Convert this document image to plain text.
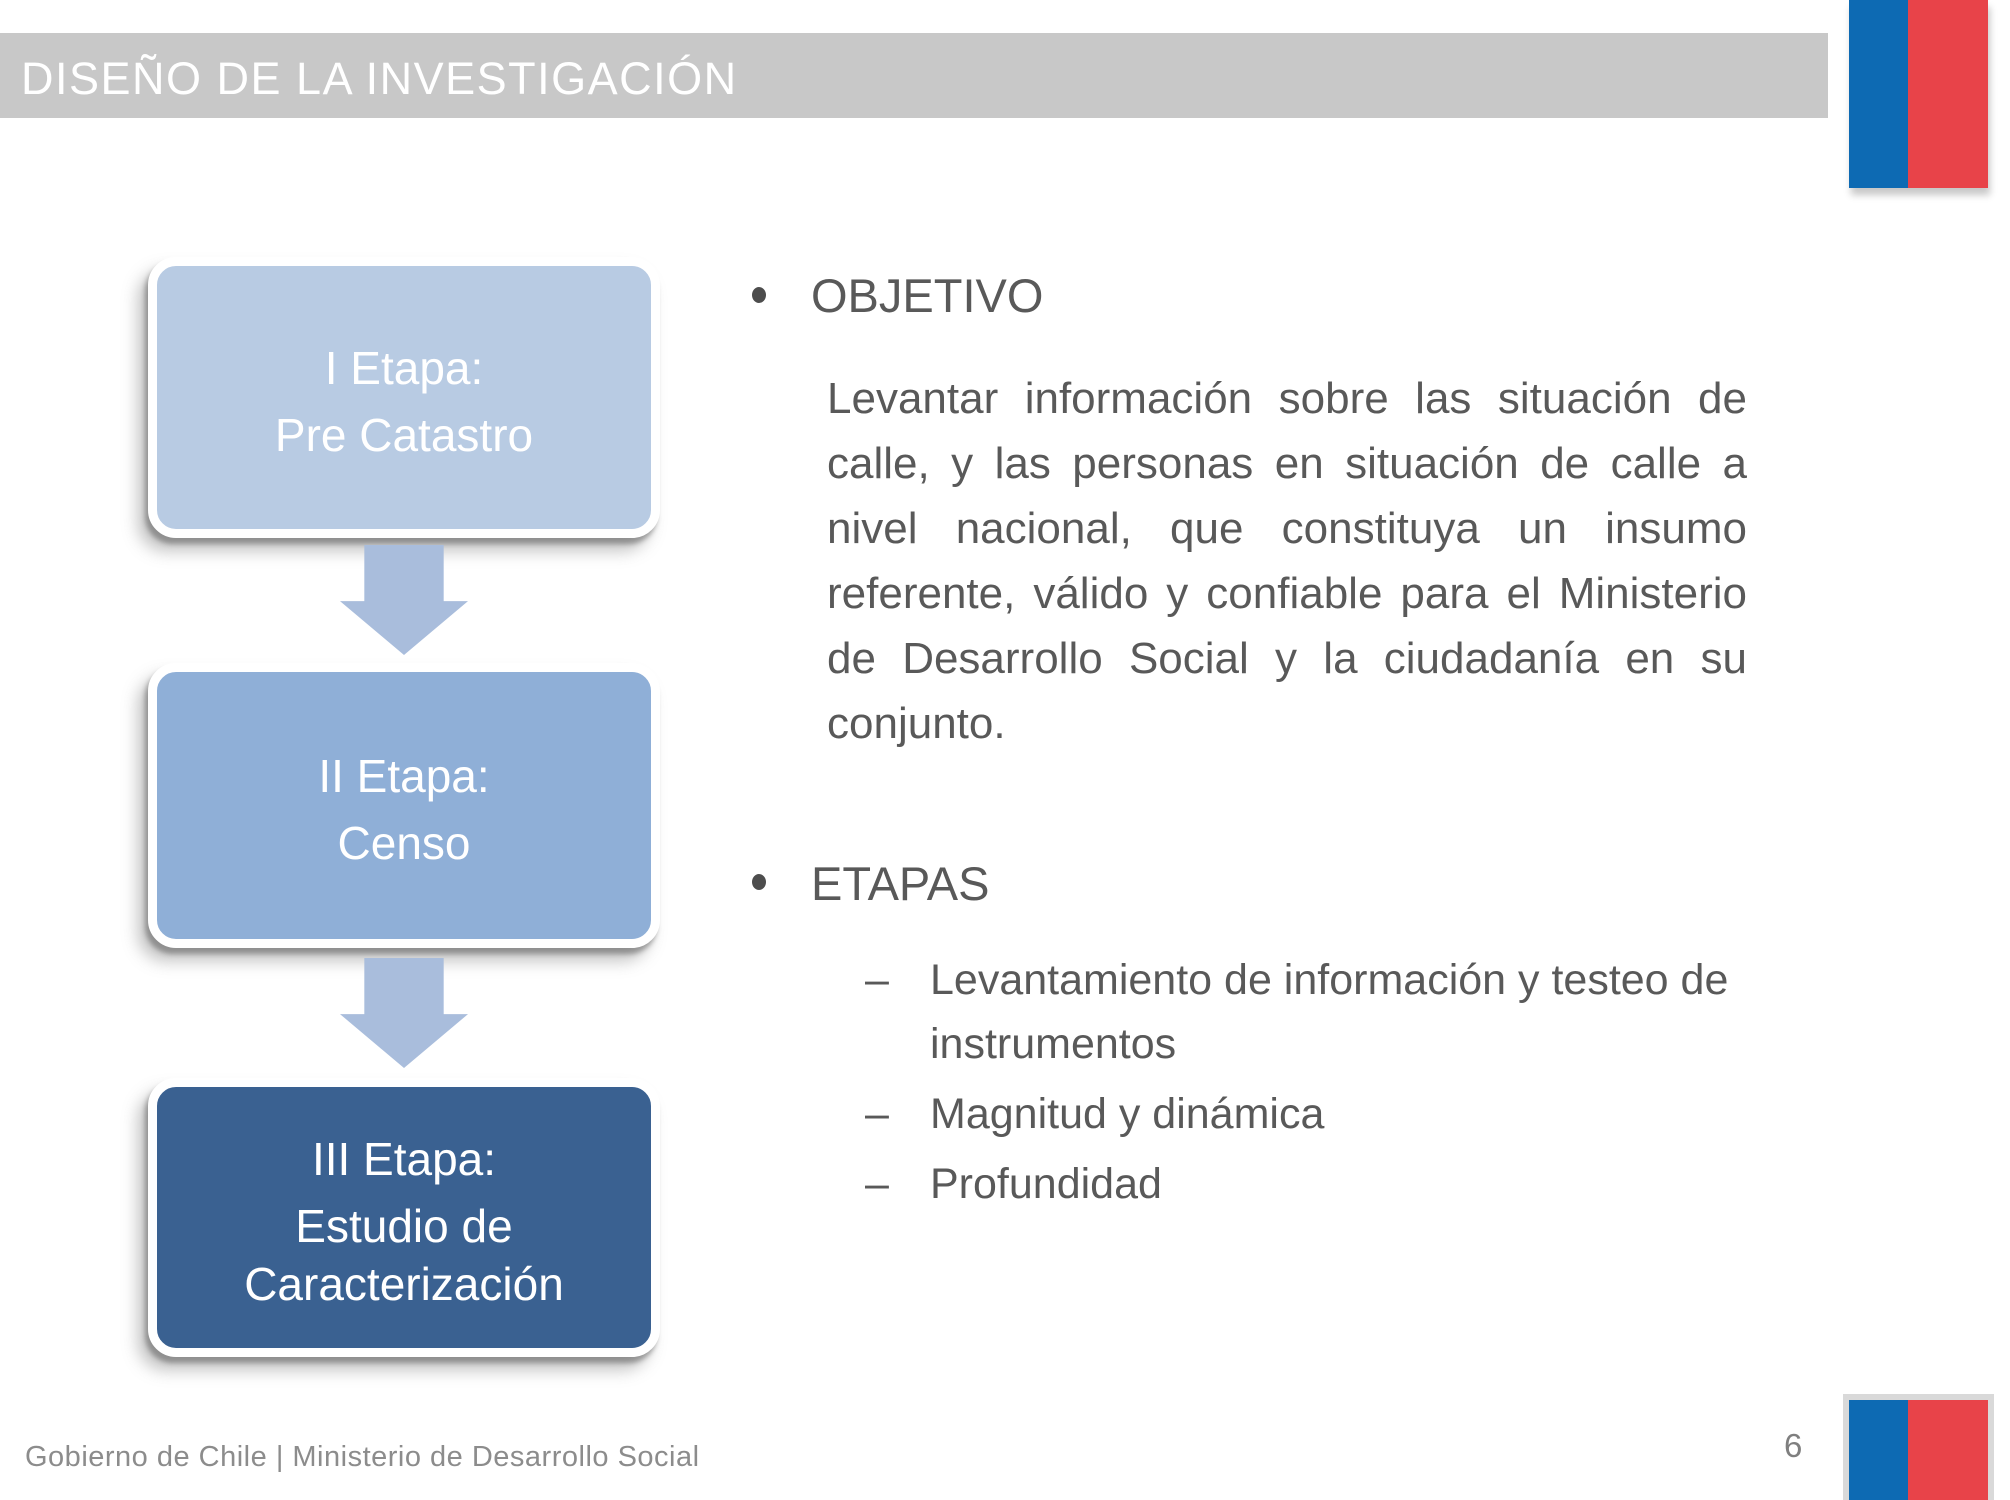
DISEÑO DE LA INVESTIGACIÓN
I Etapa:
Pre Catastro
II Etapa:
Censo
III Etapa:
Estudio de Caracterización
OBJETIVO
Levantar información sobre las situación de calle, y las personas en situación de calle a nivel nacional, que constituya un insumo referente, válido y confiable para el Ministerio de Desarrollo Social y la ciudadanía en su conjunto.
ETAPAS
– Levantamiento de información y testeo de instrumentos
– Magnitud y dinámica
– Profundidad
Gobierno de Chile | Ministerio de Desarrollo Social	6
